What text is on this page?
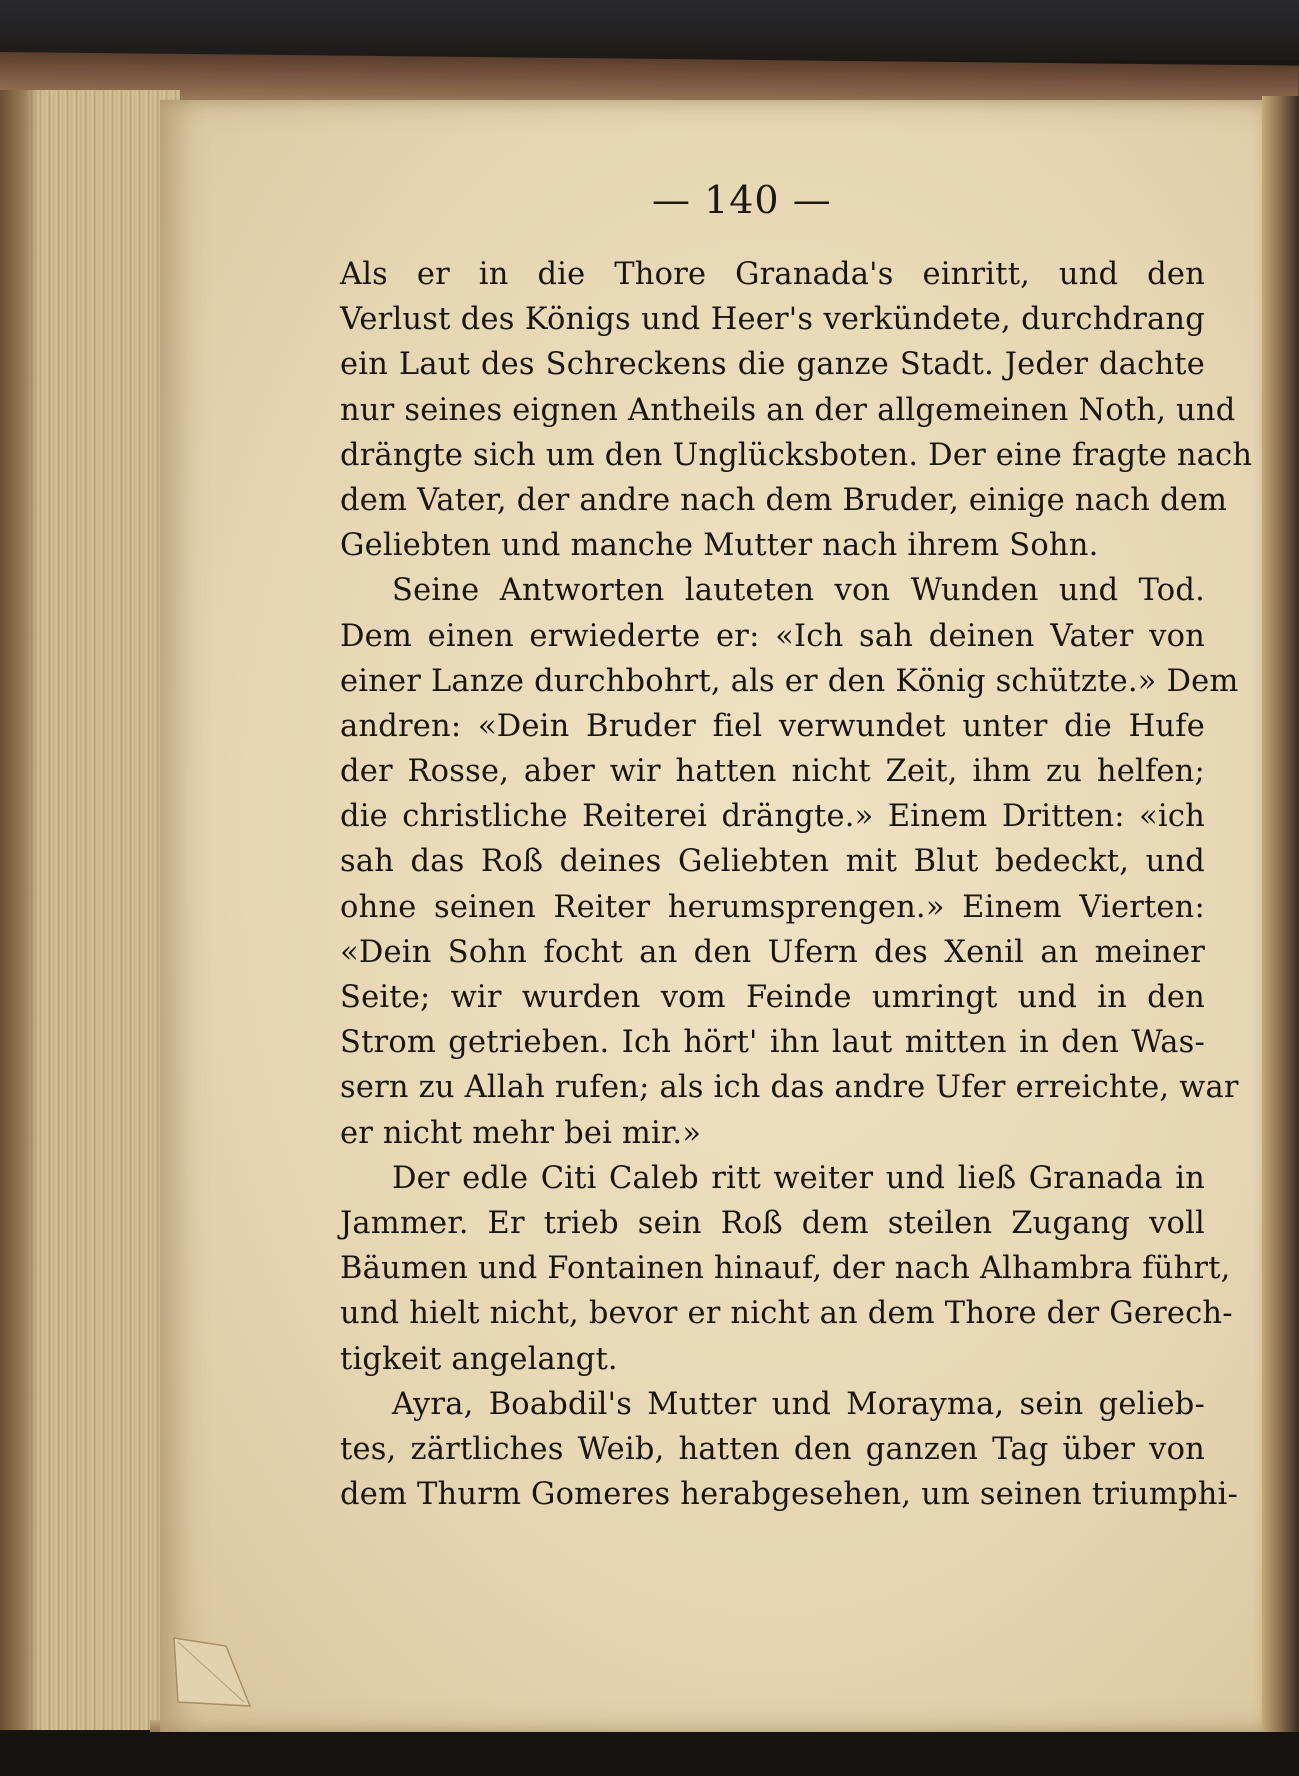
— 140 —
Als er in die Thore Granada's einritt, und den
Verlust des Königs und Heer's verkündete, durchdrang
ein Laut des Schreckens die ganze Stadt. Jeder dachte
nur seines eignen Antheils an der allgemeinen Noth, und
drängte sich um den Unglücksboten. Der eine fragte nach
dem Vater, der andre nach dem Bruder, einige nach dem
Geliebten und manche Mutter nach ihrem Sohn.
Seine Antworten lauteten von Wunden und Tod.
Dem einen erwiederte er: «Ich sah deinen Vater von
einer Lanze durchbohrt, als er den König schützte.» Dem
andren: «Dein Bruder fiel verwundet unter die Hufe
der Rosse, aber wir hatten nicht Zeit, ihm zu helfen;
die christliche Reiterei drängte.» Einem Dritten: «ich
sah das Roß deines Geliebten mit Blut bedeckt, und
ohne seinen Reiter herumsprengen.» Einem Vierten:
«Dein Sohn focht an den Ufern des Xenil an meiner
Seite; wir wurden vom Feinde umringt und in den
Strom getrieben. Ich hört' ihn laut mitten in den Was-
sern zu Allah rufen; als ich das andre Ufer erreichte, war
er nicht mehr bei mir.»
Der edle Citi Caleb ritt weiter und ließ Granada in
Jammer. Er trieb sein Roß dem steilen Zugang voll
Bäumen und Fontainen hinauf, der nach Alhambra führt,
und hielt nicht, bevor er nicht an dem Thore der Gerech-
tigkeit angelangt.
Ayra, Boabdil's Mutter und Morayma, sein gelieb-
tes, zärtliches Weib, hatten den ganzen Tag über von
dem Thurm Gomeres herabgesehen, um seinen triumphi-
